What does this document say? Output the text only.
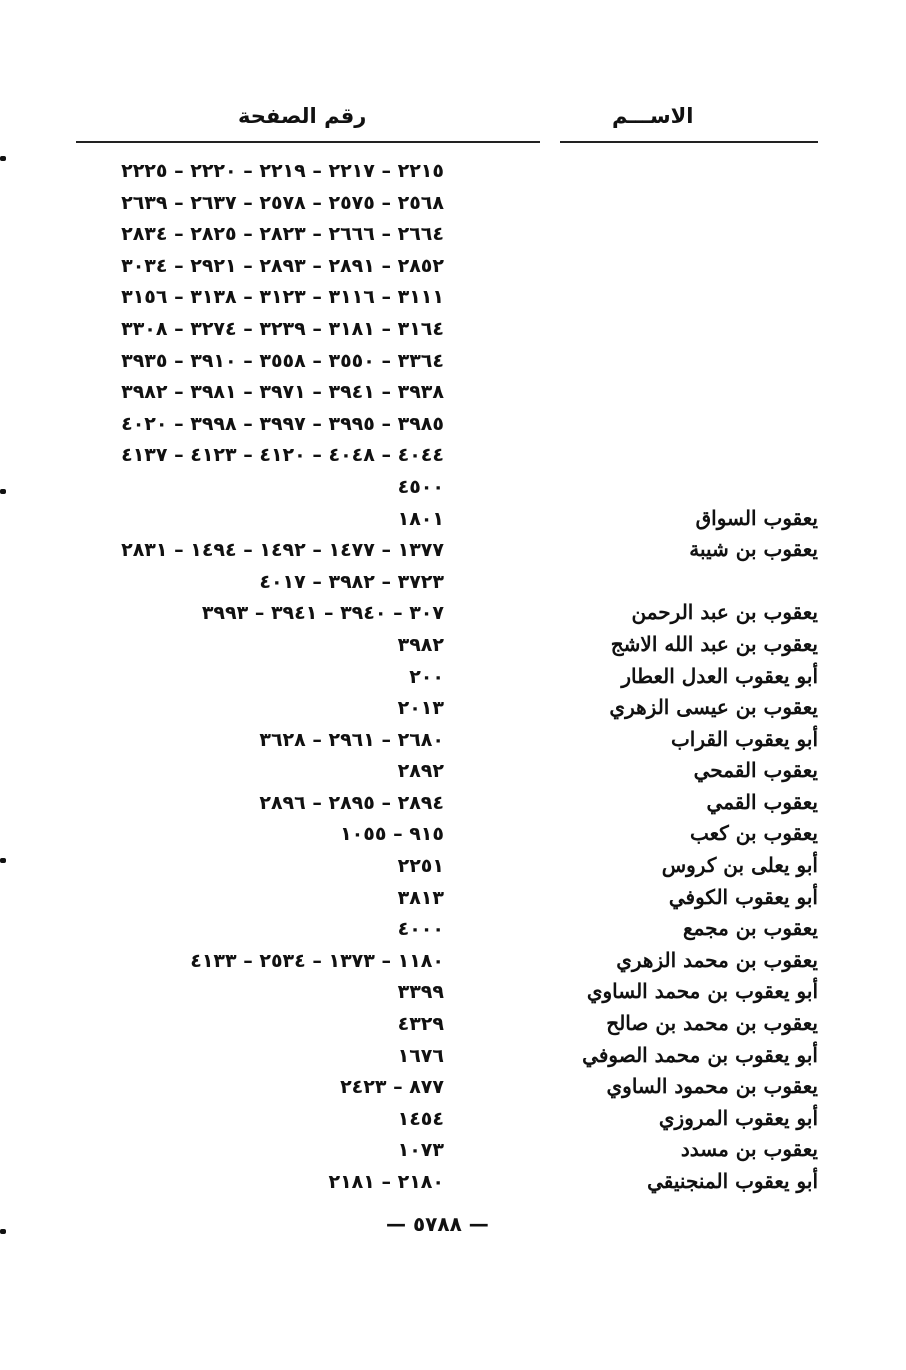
رقم الصفحة	الاســـم
٢٢١٥ – ٢٢١٧ – ٢٢١٩ – ٢٢٢٠ – ٢٢٢٥
٢٥٦٨ – ٢٥٧٥ – ٢٥٧٨ – ٢٦٣٧ – ٢٦٣٩
٢٦٦٤ – ٢٦٦٦ – ٢٨٢٣ – ٢٨٢٥ – ٢٨٣٤
٢٨٥٢ – ٢٨٩١ – ٢٨٩٣ – ٢٩٢١ – ٣٠٣٤
٣١١١ – ٣١١٦ – ٣١٢٣ – ٣١٣٨ – ٣١٥٦
٣١٦٤ – ٣١٨١ – ٣٢٣٩ – ٣٢٧٤ – ٣٣٠٨
٣٣٦٤ – ٣٥٥٠ – ٣٥٥٨ – ٣٩١٠ – ٣٩٣٥
٣٩٣٨ – ٣٩٤١ – ٣٩٧١ – ٣٩٨١ – ٣٩٨٢
٣٩٨٥ – ٣٩٩٥ – ٣٩٩٧ – ٣٩٩٨ – ٤٠٢٠
٤٠٤٤ – ٤٠٤٨ – ٤١٢٠ – ٤١٢٣ – ٤١٣٧
٤٥٠٠
١٨٠١	يعقوب السواق
١٣٧٧ – ١٤٧٧ – ١٤٩٢ – ١٤٩٤ – ٢٨٣١	يعقوب بن شيبة
٣٧٢٣ – ٣٩٨٢ – ٤٠١٧
٣٠٧ – ٣٩٤٠ – ٣٩٤١ – ٣٩٩٣	يعقوب بن عبد الرحمن
٣٩٨٢	يعقوب بن عبد الله الاشج
٢٠٠	أبو يعقوب العدل العطار
٢٠١٣	يعقوب بن عيسى الزهري
٢٦٨٠ – ٢٩٦١ – ٣٦٢٨	أبو يعقوب القراب
٢٨٩٢	يعقوب القمحي
٢٨٩٤ – ٢٨٩٥ – ٢٨٩٦	يعقوب القمي
٩١٥ – ١٠٥٥	يعقوب بن كعب
٢٢٥١	أبو يعلى بن كروس
٣٨١٣	أبو يعقوب الكوفي
٤٠٠٠	يعقوب بن مجمع
١١٨٠ – ١٣٧٣ – ٢٥٣٤ – ٤١٣٣	يعقوب بن محمد الزهري
٣٣٩٩	أبو يعقوب بن محمد الساوي
٤٣٢٩	يعقوب بن محمد بن صالح
١٦٧٦	أبو يعقوب بن محمد الصوفي
٨٧٧ – ٢٤٢٣	يعقوب بن محمود الساوي
١٤٥٤	أبو يعقوب المروزي
١٠٧٣	يعقوب بن مسدد
٢١٨٠ – ٢١٨١	أبو يعقوب المنجنيقي
— ٥٧٨٨ —
